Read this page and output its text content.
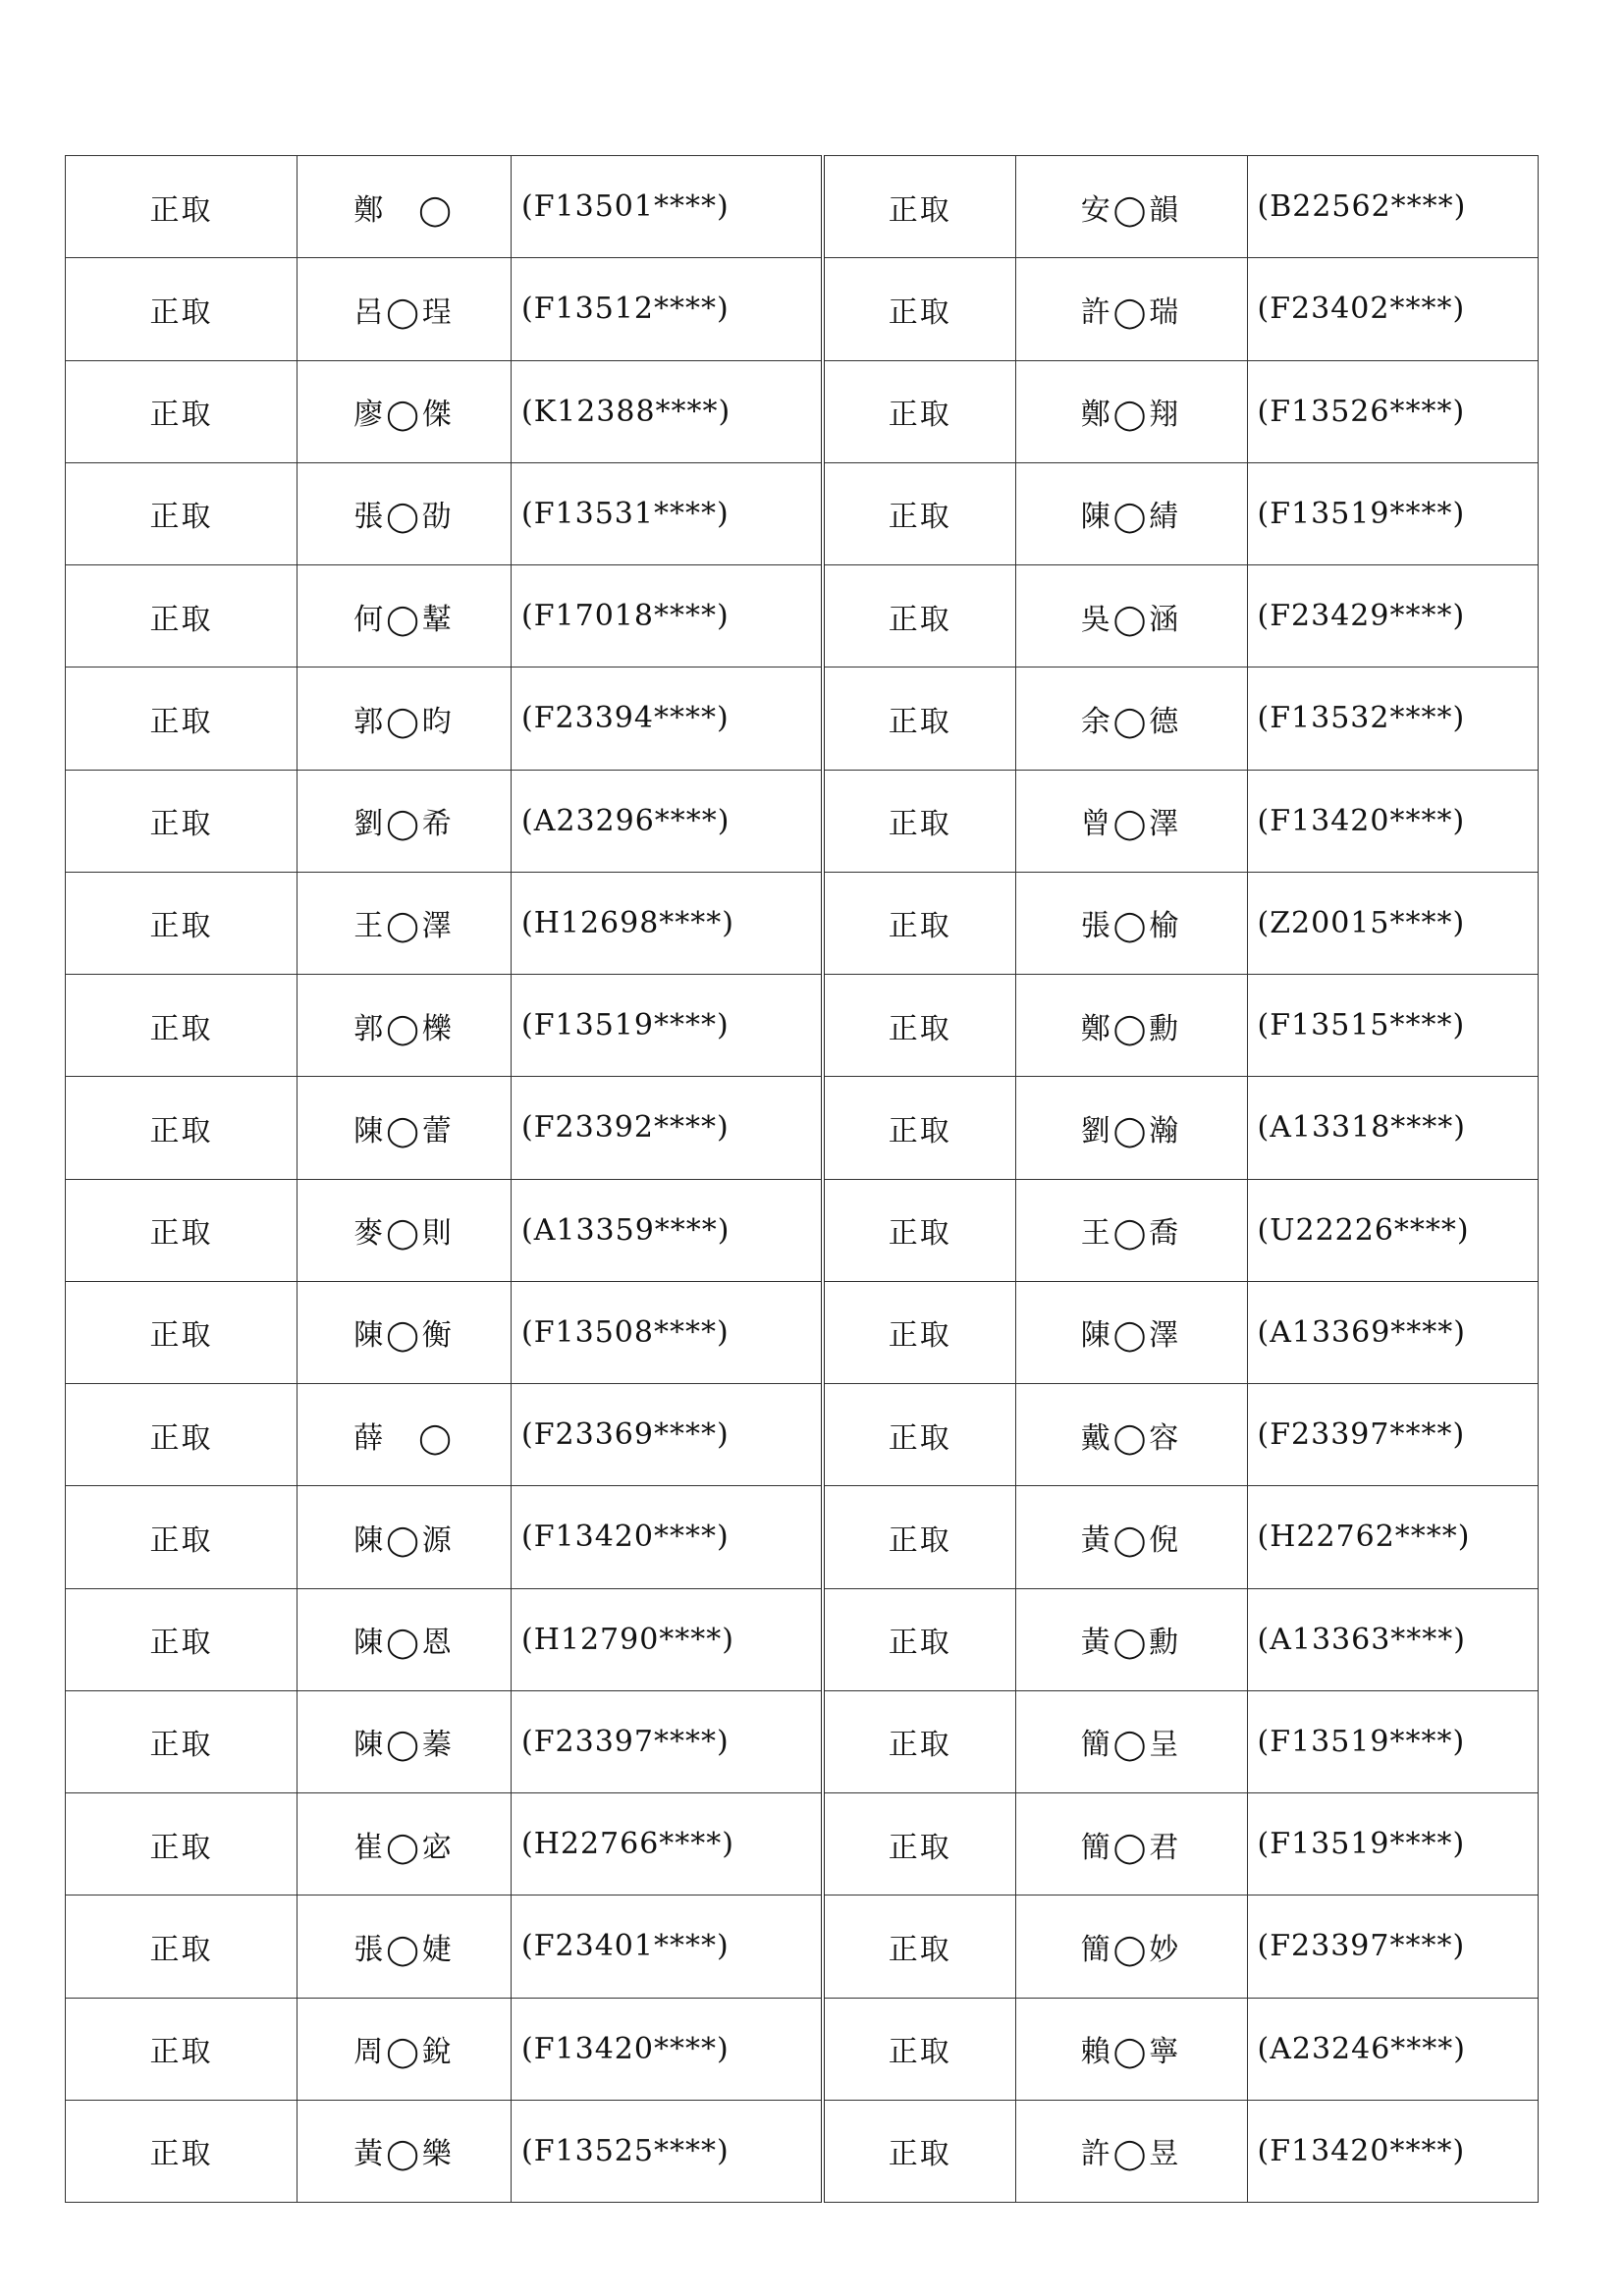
正取	鄭　◯	(F13501****)
正取	呂◯珵	(F13512****)
正取	廖◯傑	(K12388****)
正取	張◯劭	(F13531****)
正取	何◯鞤	(F17018****)
正取	郭◯昀	(F23394****)
正取	劉◯希	(A23296****)
正取	王◯澤	(H12698****)
正取	郭◯櫟	(F13519****)
正取	陳◯蕾	(F23392****)
正取	麥◯則	(A13359****)
正取	陳◯衡	(F13508****)
正取	薛　◯	(F23369****)
正取	陳◯源	(F13420****)
正取	陳◯恩	(H12790****)
正取	陳◯蓁	(F23397****)
正取	崔◯宓	(H22766****)
正取	張◯婕	(F23401****)
正取	周◯銳	(F13420****)
正取	黃◯樂	(F13525****)
正取	安◯韻	(B22562****)
正取	許◯瑞	(F23402****)
正取	鄭◯翔	(F13526****)
正取	陳◯綪	(F13519****)
正取	吳◯涵	(F23429****)
正取	余◯德	(F13532****)
正取	曾◯澤	(F13420****)
正取	張◯榆	(Z20015****)
正取	鄭◯勳	(F13515****)
正取	劉◯瀚	(A13318****)
正取	王◯喬	(U22226****)
正取	陳◯澤	(A13369****)
正取	戴◯容	(F23397****)
正取	黃◯倪	(H22762****)
正取	黃◯勳	(A13363****)
正取	簡◯呈	(F13519****)
正取	簡◯君	(F13519****)
正取	簡◯妙	(F23397****)
正取	賴◯寧	(A23246****)
正取	許◯昱	(F13420****)
